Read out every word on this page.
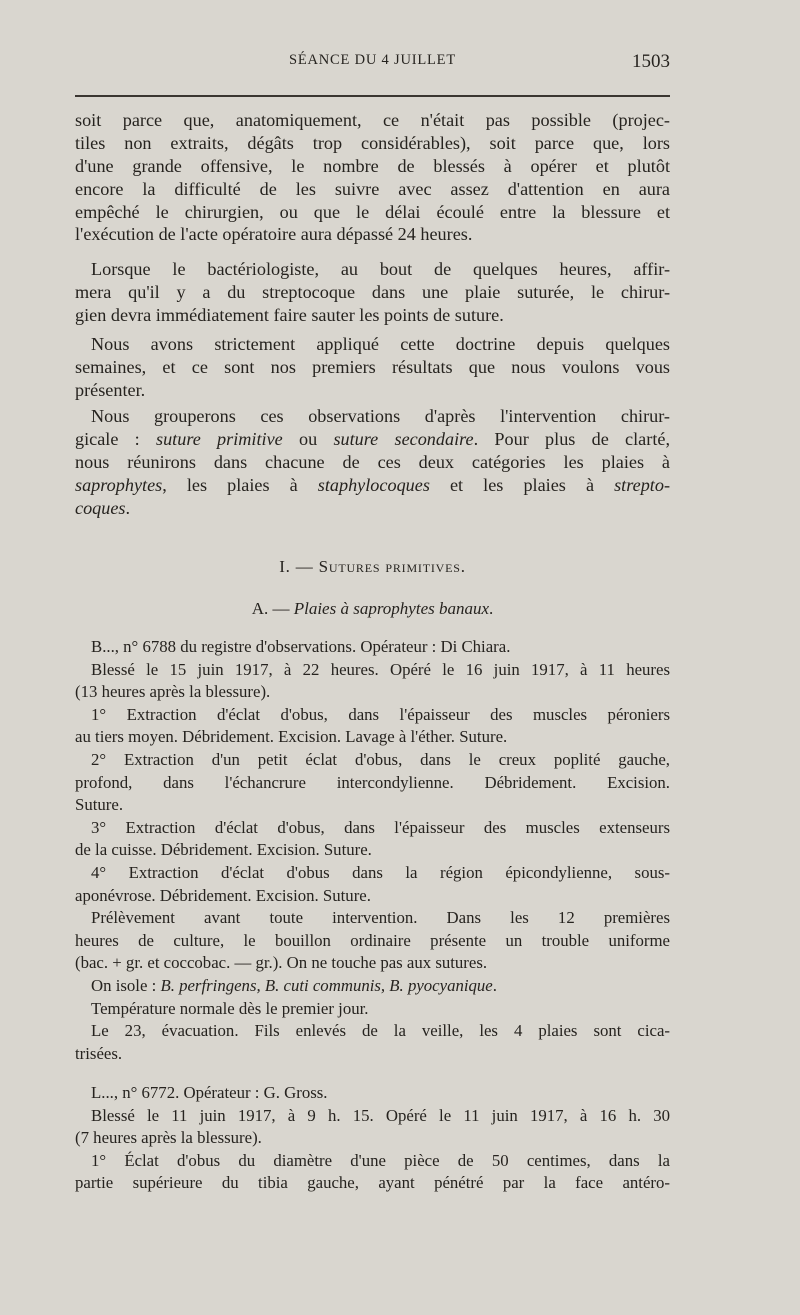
SÉANCE DU 4 JUILLET	1503
soit parce que, anatomiquement, ce n'était pas possible (projec-
tiles non extraits, dégâts trop considérables), soit parce que, lors
d'une grande offensive, le nombre de blessés à opérer et plutôt
encore la difficulté de les suivre avec assez d'attention en aura
empêché le chirurgien, ou que le délai écoulé entre la blessure et
l'exécution de l'acte opératoire aura dépassé 24 heures.
Lorsque le bactériologiste, au bout de quelques heures, affir-
mera qu'il y a du streptocoque dans une plaie suturée, le chirur-
gien devra immédiatement faire sauter les points de suture.
Nous avons strictement appliqué cette doctrine depuis quelques
semaines, et ce sont nos premiers résultats que nous voulons vous
présenter.
Nous grouperons ces observations d'après l'intervention chirur-
gicale : suture primitive ou suture secondaire. Pour plus de clarté,
nous réunirons dans chacune de ces deux catégories les plaies à
saprophytes, les plaies à staphylocoques et les plaies à strepto-
coques.
I. — Sutures primitives.
A. — Plaies à saprophytes banaux.
B..., n° 6788 du registre d'observations. Opérateur : Di Chiara.
Blessé le 15 juin 1917, à 22 heures. Opéré le 16 juin 1917, à 11 heures
(13 heures après la blessure).
1° Extraction d'éclat d'obus, dans l'épaisseur des muscles péroniers
au tiers moyen. Débridement. Excision. Lavage à l'éther. Suture.
2° Extraction d'un petit éclat d'obus, dans le creux poplité gauche,
profond, dans l'échancrure intercondylienne. Débridement. Excision.
Suture.
3° Extraction d'éclat d'obus, dans l'épaisseur des muscles extenseurs
de la cuisse. Débridement. Excision. Suture.
4° Extraction d'éclat d'obus dans la région épicondylienne, sous-
aponévrose. Débridement. Excision. Suture.
Prélèvement avant toute intervention. Dans les 12 premières
heures de culture, le bouillon ordinaire présente un trouble uniforme
(bac. + gr. et coccobac. — gr.). On ne touche pas aux sutures.
On isole : B. perfringens, B. cuti communis, B. pyocyanique.
Température normale dès le premier jour.
Le 23, évacuation. Fils enlevés de la veille, les 4 plaies sont cica-
trisées.
L..., n° 6772. Opérateur : G. Gross.
Blessé le 11 juin 1917, à 9 h. 15. Opéré le 11 juin 1917, à 16 h. 30
(7 heures après la blessure).
1° Éclat d'obus du diamètre d'une pièce de 50 centimes, dans la
partie supérieure du tibia gauche, ayant pénétré par la face antéro-
